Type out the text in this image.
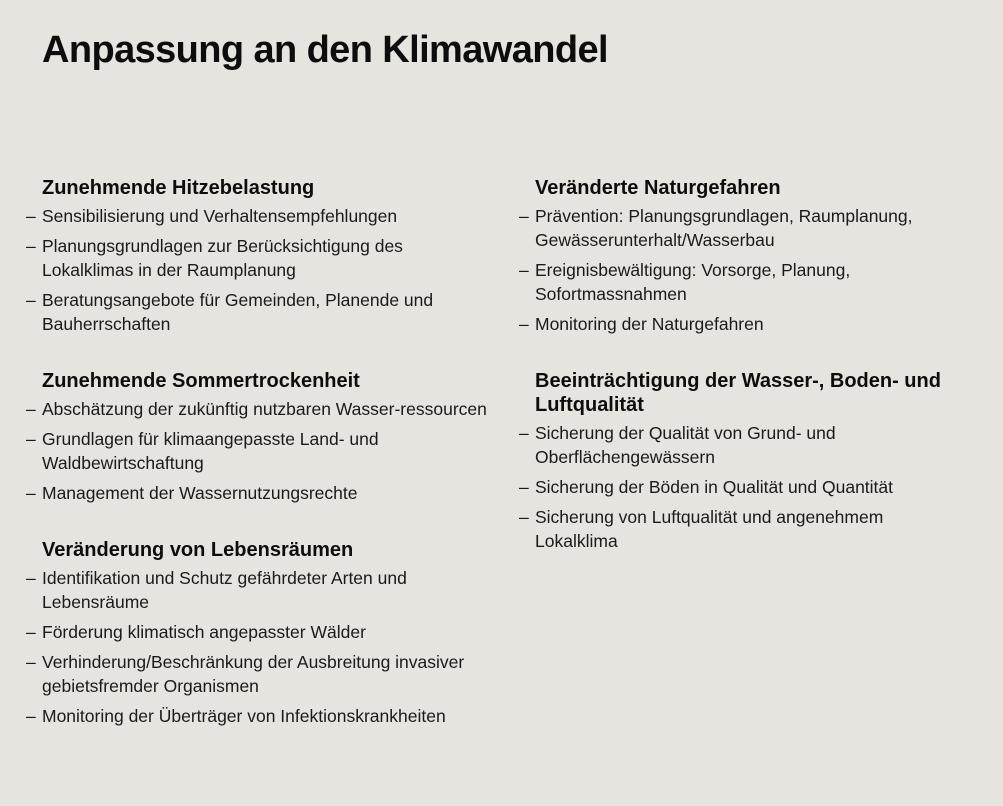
Anpassung an den Klimawandel
Zunehmende Hitzebelastung
– Sensibilisierung und Verhaltensempfehlungen
– Planungsgrundlagen zur Berücksichtigung des Lokalklimas in der Raumplanung
– Beratungsangebote für Gemeinden, Planende und Bauherrschaften
Zunehmende Sommertrockenheit
– Abschätzung der zukünftig nutzbaren Wasser-ressourcen
– Grundlagen für klimaangepasste Land- und Waldbewirtschaftung
– Management der Wassernutzungsrechte
Veränderung von Lebensräumen
– Identifikation und Schutz gefährdeter Arten und Lebensräume
– Förderung klimatisch angepasster Wälder
– Verhinderung/Beschränkung der Ausbreitung invasiver gebietsfremder Organismen
– Monitoring der Überträger von Infektionskrankheiten
Veränderte Naturgefahren
– Prävention: Planungsgrundlagen, Raumplanung, Gewässerunterhalt/Wasserbau
– Ereignisbewältigung: Vorsorge, Planung, Sofortmassnahmen
– Monitoring der Naturgefahren
Beeinträchtigung der Wasser-, Boden- und Luftqualität
– Sicherung der Qualität von Grund- und Oberflächengewässern
– Sicherung der Böden in Qualität und Quantität
– Sicherung von Luftqualität und angenehmem Lokalklima
